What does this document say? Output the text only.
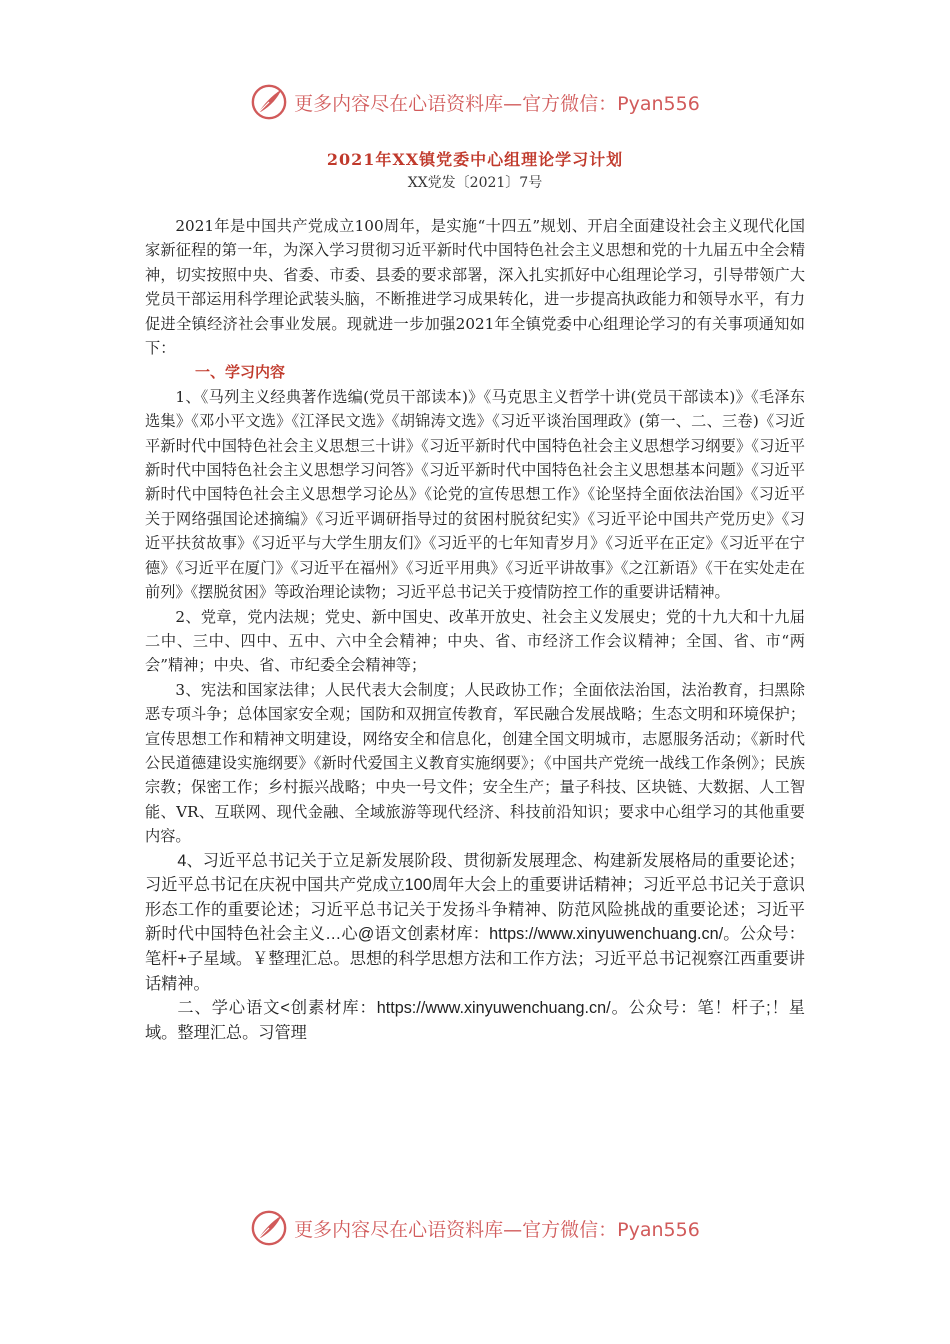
更多内容尽在心语资料库—官方微信：Pyan556
2021年XX镇党委中心组理论学习计划
XX党发〔2021〕7号

2021年是中国共产党成立100周年，是实施“十四五”规划、开启全面建设社会主义现代化国家新征程的第一年，为深入学习贯彻习近平新时代中国特色社会主义思想和党的十九届五中全会精神，切实按照中央、省委、市委、县委的要求部署，深入扎实抓好中心组理论学习，引导带领广大党员干部运用科学理论武装头脑，不断推进学习成果转化，进一步提高执政能力和领导水平，有力促进全镇经济社会事业发展。现就进一步加强2021年全镇党委中心组理论学习的有关事项通知如下：

一、学习内容

1、《马列主义经典著作选编(党员干部读本)》《马克思主义哲学十讲(党员干部读本)》《毛泽东选集》《邓小平文选》《江泽民文选》《胡锦涛文选》《习近平谈治国理政》(第一、二、三卷)《习近平新时代中国特色社会主义思想三十讲》《习近平新时代中国特色社会主义思想学习纲要》《习近平新时代中国特色社会主义思想学习问答》《习近平新时代中国特色社会主义思想基本问题》《习近平新时代中国特色社会主义思想学习论丛》《论党的宣传思想工作》《论坚持全面依法治国》《习近平关于网络强国论述摘编》《习近平调研指导过的贫困村脱贫纪实》《习近平论中国共产党历史》《习近平扶贫故事》《习近平与大学生朋友们》《习近平的七年知青岁月》《习近平在正定》《习近平在宁德》《习近平在厦门》《习近平在福州》《习近平用典》《习近平讲故事》《之江新语》《干在实处走在前列》《摆脱贫困》等政治理论读物；习近平总书记关于疫情防控工作的重要讲话精神。

2、党章，党内法规；党史、新中国史、改革开放史、社会主义发展史；党的十九大和十九届二中、三中、四中、五中、六中全会精神；中央、省、市经济工作会议精神；全国、省、市“两会”精神；中央、省、市纪委全会精神等；

3、宪法和国家法律；人民代表大会制度；人民政协工作；全面依法治国，法治教育，扫黑除恶专项斗争；总体国家安全观；国防和双拥宣传教育，军民融合发展战略；生态文明和环境保护；宣传思想工作和精神文明建设，网络安全和信息化，创建全国文明城市，志愿服务活动；《新时代公民道德建设实施纲要》《新时代爱国主义教育实施纲要》；《中国共产党统一战线工作条例》；民族宗教；保密工作；乡村振兴战略；中央一号文件；安全生产；量子科技、区块链、大数据、人工智能、VR、互联网、现代金融、全域旅游等现代经济、科技前沿知识；要求中心组学习的其他重要内容。

4、习近平总书记关于立足新发展阶段、贯彻新发展理念、构建新发展格局的重要论述；习近平总书记在庆祝中国共产党成立100周年大会上的重要讲话精神；习近平总书记关于意识形态工作的重要论述；习近平总书记关于发扬斗争精神、防范风险挑战的重要论述；习近平新时代中国特色社会主义…心@语文创素材库：https://www.xinyuwenchuang.cn/。公众号：笔杆+子星域。￥整理汇总。思想的科学思想方法和工作方法；习近平总书记视察江西重要讲话精神。

二、学心语文<创素材库：https://www.xinyuwenchuang.cn/。公众号：笔！杆子;！星域。整理汇总。习管理

更多内容尽在心语资料库—官方微信：Pyan556
